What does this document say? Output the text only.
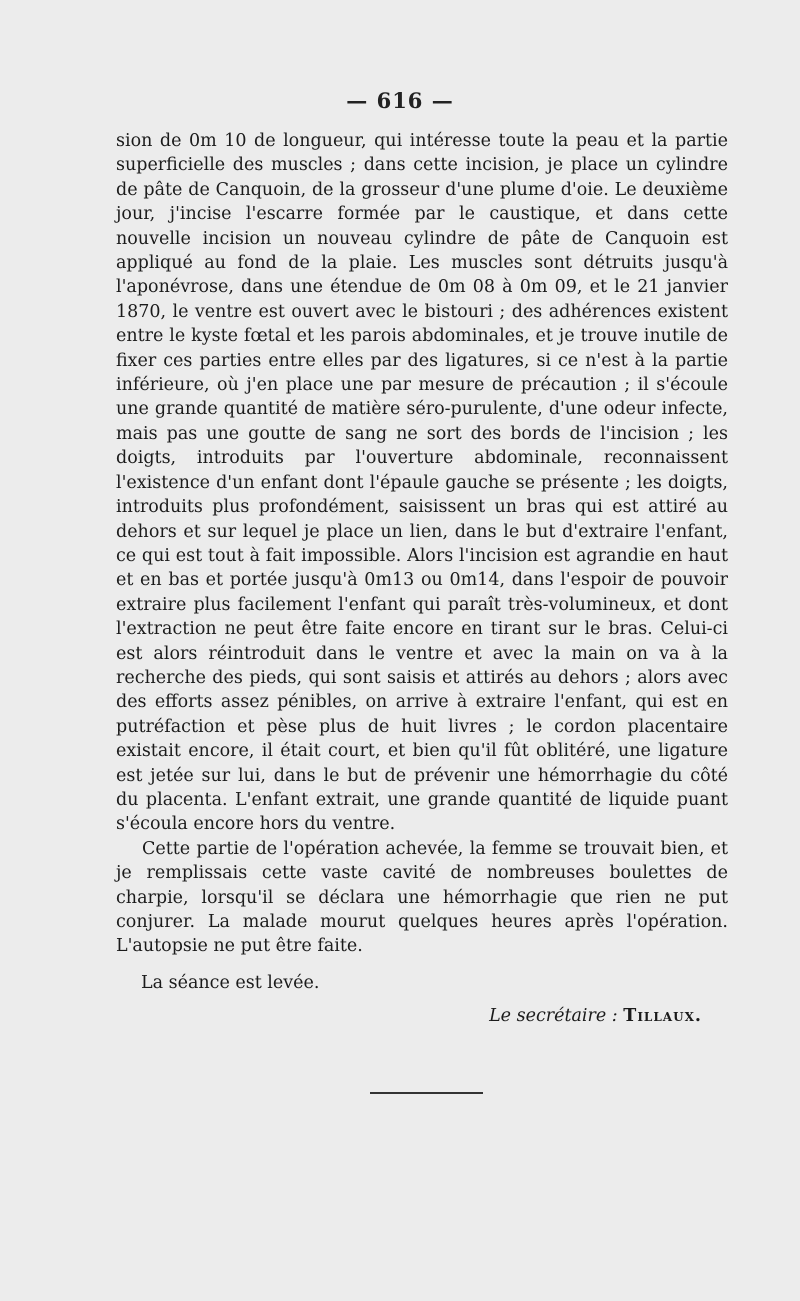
— 616 —

sion de 0m 10 de longueur, qui intéresse toute la peau et la partie superficielle des muscles ; dans cette incision, je place un cylindre de pâte de Canquoin, de la grosseur d'une plume d'oie. Le deuxième jour, j'incise l'escarre formée par le caustique, et dans cette nouvelle incision un nouveau cylindre de pâte de Canquoin est appliqué au fond de la plaie. Les muscles sont détruits jusqu'à l'aponévrose, dans une étendue de 0m 08 à 0m 09, et le 21 janvier 1870, le ventre est ouvert avec le bistouri ; des adhérences existent entre le kyste fœtal et les parois abdominales, et je trouve inutile de fixer ces parties entre elles par des ligatures, si ce n'est à la partie inférieure, où j'en place une par mesure de précaution ; il s'écoule une grande quantité de matière séro-purulente, d'une odeur infecte, mais pas une goutte de sang ne sort des bords de l'incision ; les doigts, introduits par l'ouverture abdominale, reconnaissent l'existence d'un enfant dont l'épaule gauche se présente ; les doigts, introduits plus profondément, saisissent un bras qui est attiré au dehors et sur lequel je place un lien, dans le but d'extraire l'enfant, ce qui est tout à fait impossible. Alors l'incision est agrandie en haut et en bas et portée jusqu'à 0m13 ou 0m14, dans l'espoir de pouvoir extraire plus facilement l'enfant qui paraît très-volumineux, et dont l'extraction ne peut être faite encore en tirant sur le bras. Celui-ci est alors réintroduit dans le ventre et avec la main on va à la recherche des pieds, qui sont saisis et attirés au dehors ; alors avec des efforts assez pénibles, on arrive à extraire l'enfant, qui est en putréfaction et pèse plus de huit livres ; le cordon placentaire existait encore, il était court, et bien qu'il fût oblitéré, une ligature est jetée sur lui, dans le but de prévenir une hémorrhagie du côté du placenta. L'enfant extrait, une grande quantité de liquide puant s'écoula encore hors du ventre.

Cette partie de l'opération achevée, la femme se trouvait bien, et je remplissais cette vaste cavité de nombreuses boulettes de charpie, lorsqu'il se déclara une hémorrhagie que rien ne put conjurer. La malade mourut quelques heures après l'opération. L'autopsie ne put être faite.

La séance est levée.
Le secrétaire : Tillaux.
